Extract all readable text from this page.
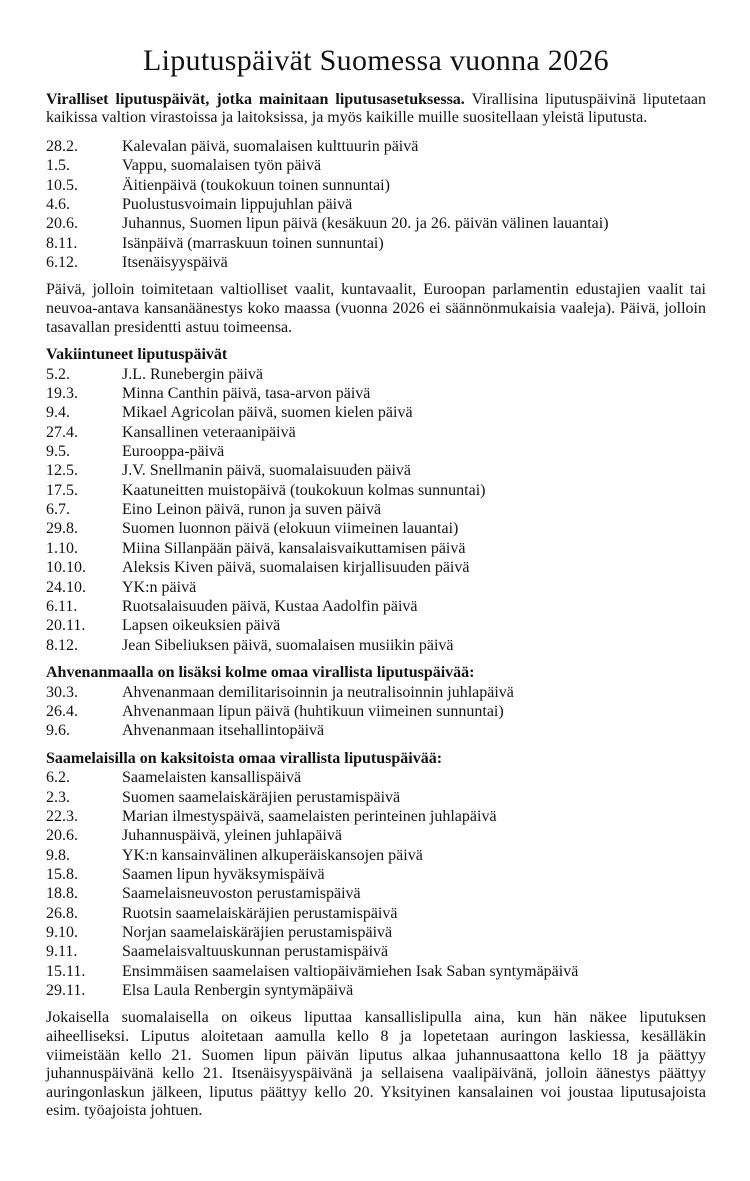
Liputuspäivät Suomessa vuonna 2026

Viralliset liputuspäivät, jotka mainitaan liputusasetuksessa. Virallisina liputuspäivinä liputetaan kaikissa valtion virastoissa ja laitoksissa, ja myös kaikille muille suositellaan yleistä liputusta.

28.2.	Kalevalan päivä, suomalaisen kulttuurin päivä
1.5.	Vappu, suomalaisen työn päivä
10.5.	Äitienpäivä (toukokuun toinen sunnuntai)
4.6.	Puolustusvoimain lippujuhlan päivä
20.6.	Juhannus, Suomen lipun päivä (kesäkuun 20. ja 26. päivän välinen lauantai)
8.11.	Isänpäivä (marraskuun toinen sunnuntai)
6.12.	Itsenäisyyspäivä

Päivä, jolloin toimitetaan valtiolliset vaalit, kuntavaalit, Euroopan parlamentin edustajien vaalit tai neuvoa-antava kansanäänestys koko maassa (vuonna 2026 ei säännönmukaisia vaaleja). Päivä, jolloin tasavallan presidentti astuu toimeensa.

Vakiintuneet liputuspäivät
5.2.	J.L. Runebergin päivä
19.3.	Minna Canthin päivä, tasa-arvon päivä
9.4.	Mikael Agricolan päivä, suomen kielen päivä
27.4.	Kansallinen veteraanipäivä
9.5.	Eurooppa-päivä
12.5.	J.V. Snellmanin päivä, suomalaisuuden päivä
17.5.	Kaatuneitten muistopäivä (toukokuun kolmas sunnuntai)
6.7.	Eino Leinon päivä, runon ja suven päivä
29.8.	Suomen luonnon päivä (elokuun viimeinen lauantai)
1.10.	Miina Sillanpään päivä, kansalaisvaikuttamisen päivä
10.10.	Aleksis Kiven päivä, suomalaisen kirjallisuuden päivä
24.10.	YK:n päivä
6.11.	Ruotsalaisuuden päivä, Kustaa Aadolfin päivä
20.11.	Lapsen oikeuksien päivä
8.12.	Jean Sibeliuksen päivä, suomalaisen musiikin päivä
Ahvenanmaalla on lisäksi kolme omaa virallista liputuspäivää:
30.3.	Ahvenanmaan demilitarisoinnin ja neutralisoinnin juhlapäivä
26.4.	Ahvenanmaan lipun päivä (huhtikuun viimeinen sunnuntai)
9.6.	Ahvenanmaan itsehallintopäivä
Saamelaisilla on kaksitoista omaa virallista liputuspäivää:
6.2.	Saamelaisten kansallispäivä
2.3.	Suomen saamelaiskäräjien perustamispäivä
22.3.	Marian ilmestyspäivä, saamelaisten perinteinen juhlapäivä
20.6.	Juhannuspäivä, yleinen juhlapäivä
9.8.	YK:n kansainvälinen alkuperäiskansojen päivä
15.8.	Saamen lipun hyväksymispäivä
18.8.	Saamelaisneuvoston perustamispäivä
26.8.	Ruotsin saamelaiskäräjien perustamispäivä
9.10.	Norjan saamelaiskäräjien perustamispäivä
9.11.	Saamelaisvaltuuskunnan perustamispäivä
15.11.	Ensimmäisen saamelaisen valtiopäivämiehen Isak Saban syntymäpäivä
29.11.	Elsa Laula Renbergin syntymäpäivä

Jokaisella suomalaisella on oikeus liputtaa kansallislipulla aina, kun hän näkee liputuksen aiheelliseksi. Liputus aloitetaan aamulla kello 8 ja lopetetaan auringon laskiessa, kesälläkin viimeistään kello 21. Suomen lipun päivän liputus alkaa juhannusaattona kello 18 ja päättyy juhannuspäivänä kello 21. Itsenäisyyspäivänä ja sellaisena vaalipäivänä, jolloin äänestys päättyy auringonlaskun jälkeen, liputus päättyy kello 20. Yksityinen kansalainen voi joustaa liputusajoista esim. työajoista johtuen.
